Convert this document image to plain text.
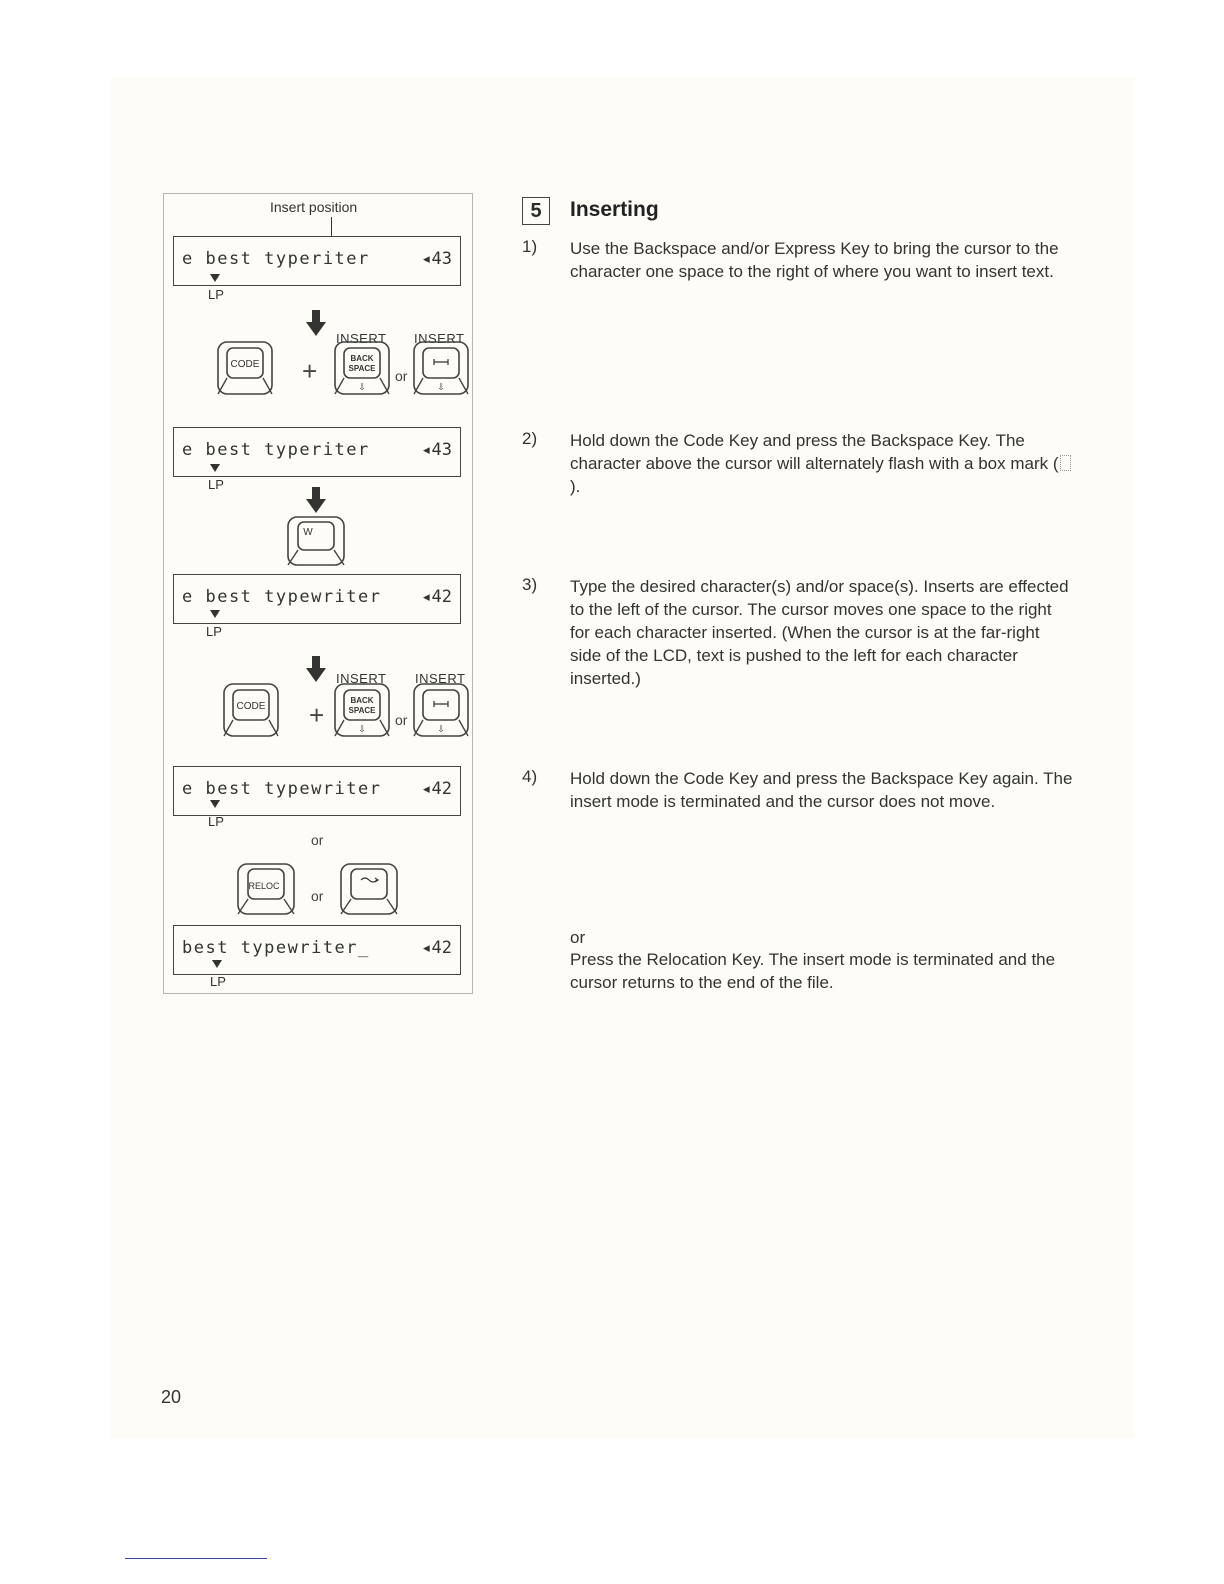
Insert position
e best typeriter	◂43
LP
INSERT INSERT
CODE +	BACK
SPACE
⇩
or
⇩
e best typeriter	◂43
LP
W
e best typewriter ◂42
LP
INSERT INSERT
CODE +	BACK
SPACE
⇩
or
⇩
e best typewriter ◂42
LP
or
RELOC
or
best typewriter_	◂42
LP
5	Inserting
1) Use the Backspace and/or Express Key to bring the cursor to the character one space to the right of where you want to insert text.
2) Hold down the Code Key and press the Backspace Key. The character above the cursor will alternately flash with a box mark ().
3) Type the desired character(s) and/or space(s). Inserts are effected to the left of the cursor. The cursor moves one space to the right for each character inserted. (When the cursor is at the far-right side of the LCD, text is pushed to the left for each character inserted.)
4) Hold down the Code Key and press the Backspace Key again. The insert mode is terminated and the cursor does not move.
or
Press the Relocation Key. The insert mode is terminated and the cursor returns to the end of the file.
20
